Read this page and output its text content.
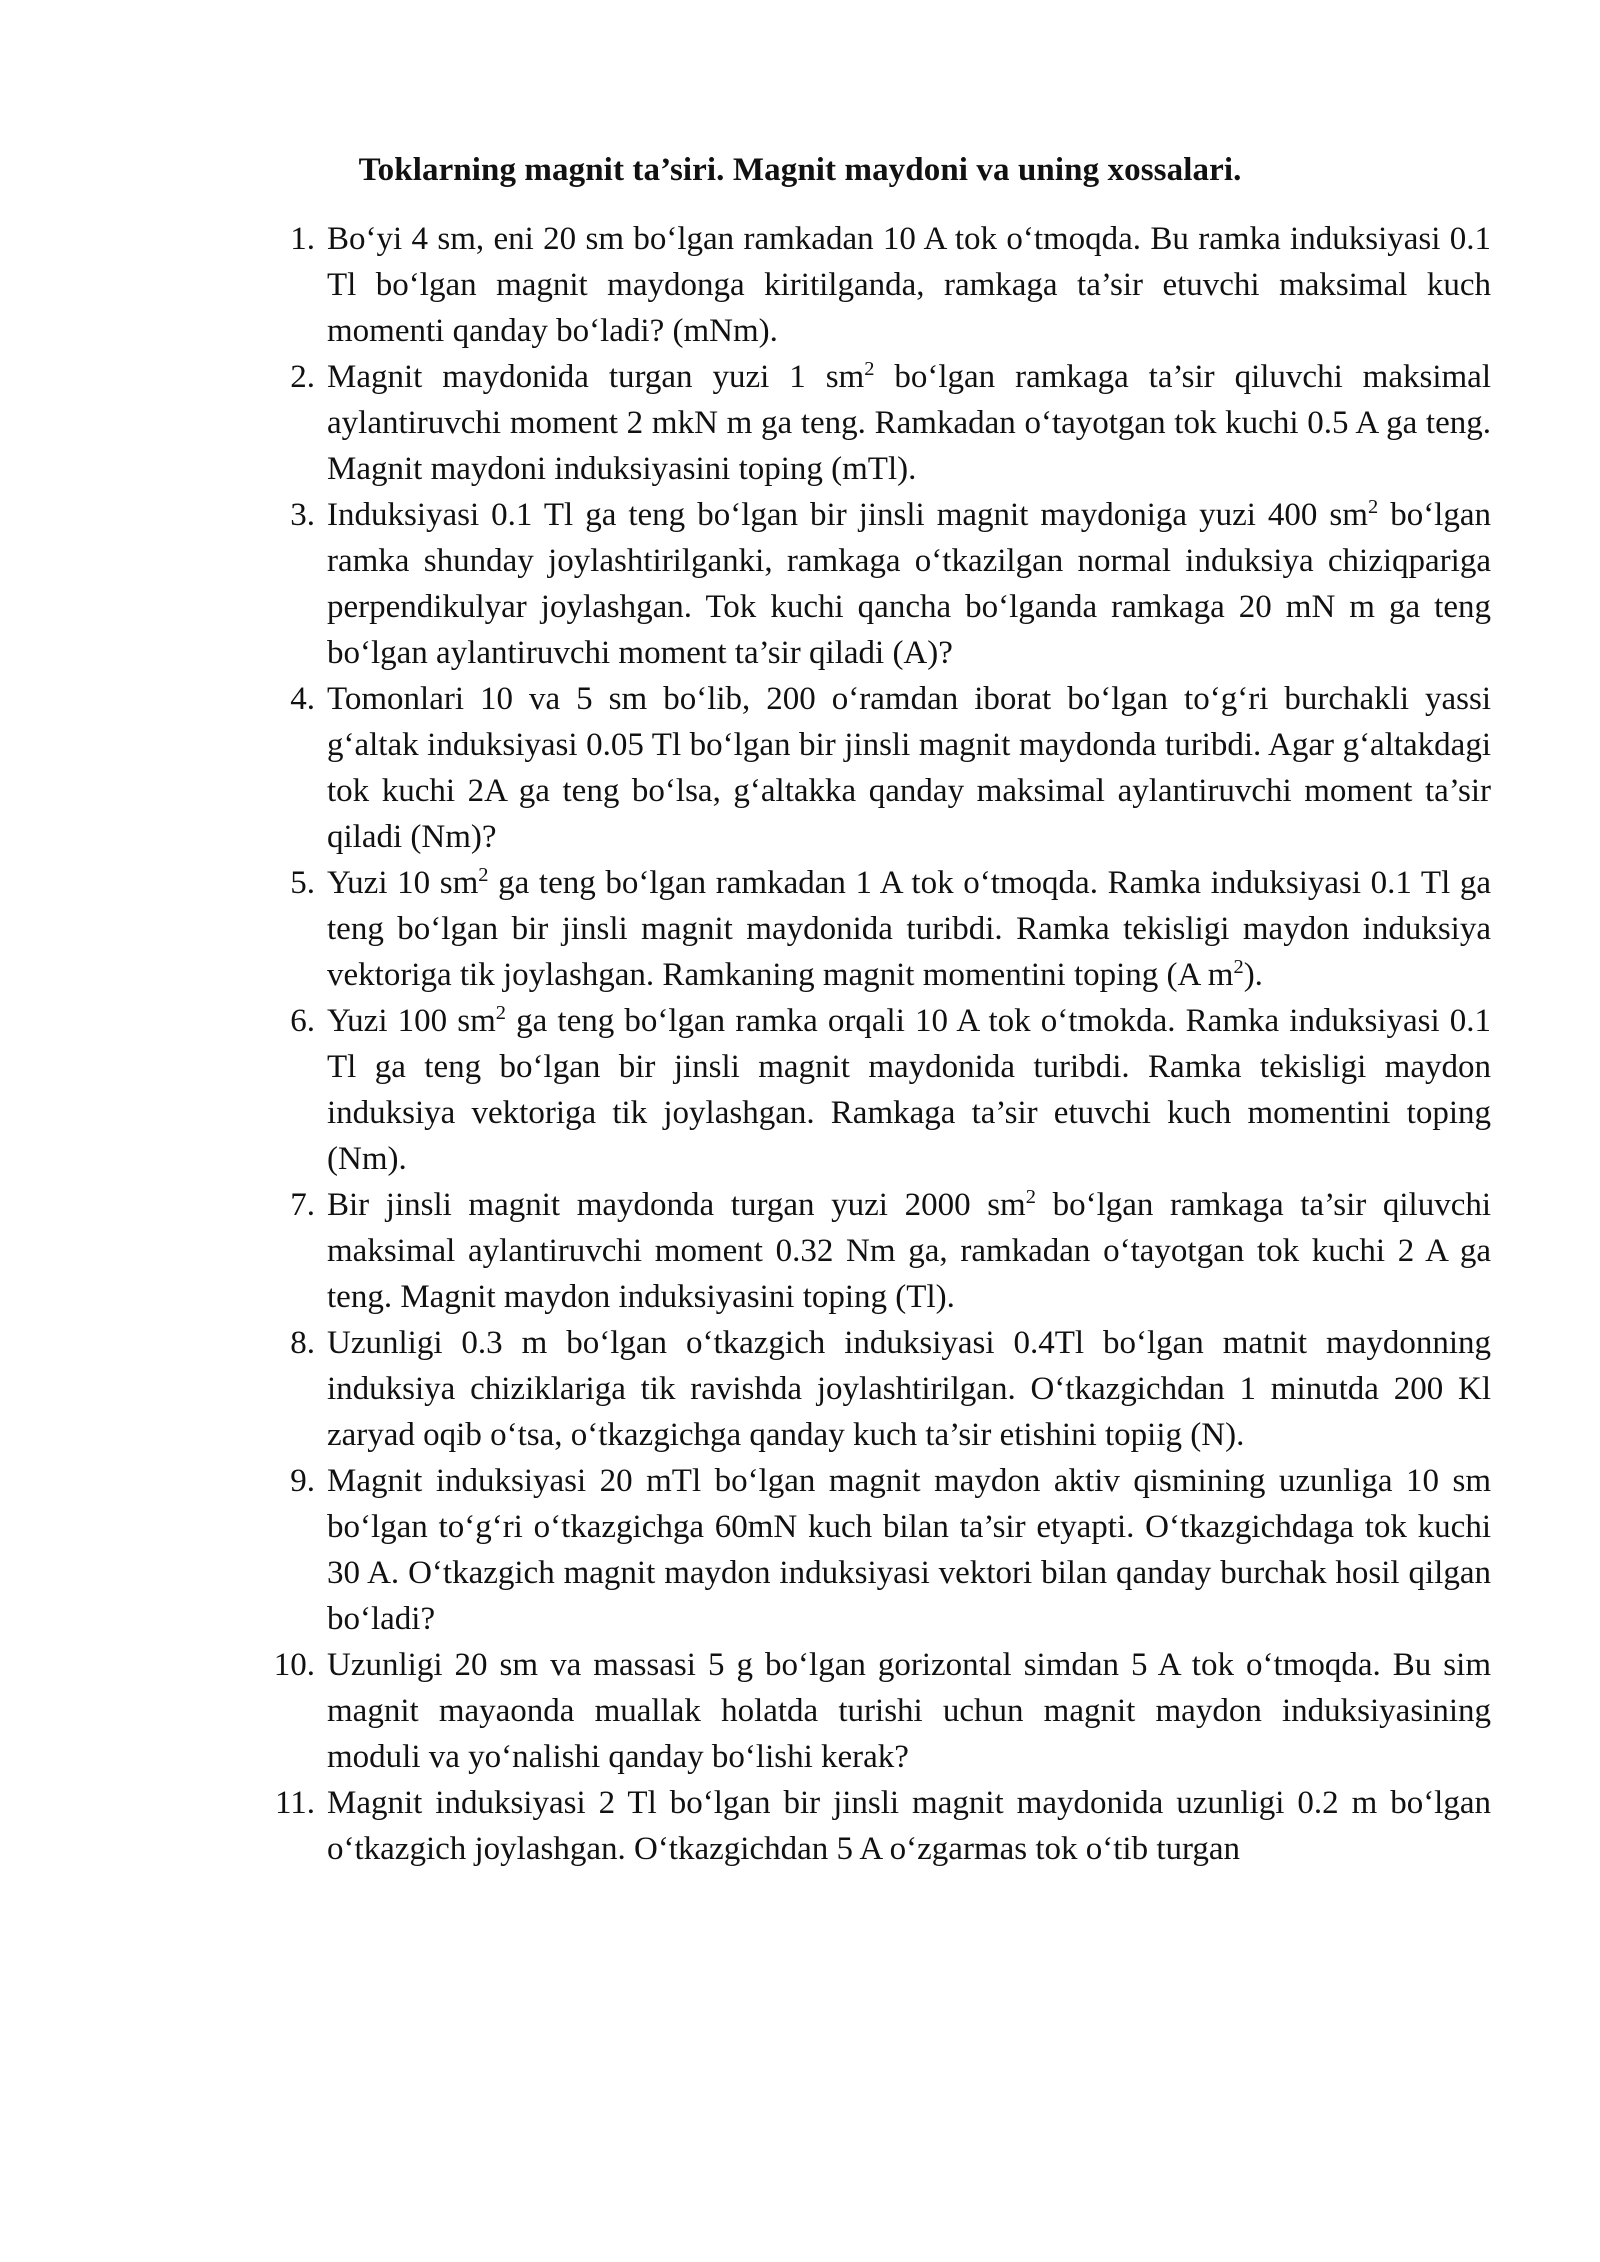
Toklarning magnit ta’siri. Magnit maydoni va uning xossalari.
1. Bo‘yi 4 sm, eni 20 sm bo‘lgan ramkadan 10 A tok o‘tmoqda. Bu ramka induksiyasi 0.1 Tl bo‘lgan magnit maydonga kiritilganda, ramkaga ta’sir etuvchi maksimal kuch momenti qanday bo‘ladi? (mNm).
2. Magnit maydonida turgan yuzi 1 $sm^2$ bo‘lgan ramkaga ta’sir qiluvchi maksimal aylantiruvchi moment 2 mkN m ga teng. Ramkadan o‘tayotgan tok kuchi 0.5 A ga teng. Magnit maydoni induksiyasini toping (mTl).
3. Induksiyasi 0.1 Tl ga teng bo‘lgan bir jinsli magnit maydoniga yuzi 400 $sm^2$ bo‘lgan ramka shunday joylashtirilganki, ramkaga o‘tkazilgan normal induksiya chiziqpariga perpendikulyar joylashgan. Tok kuchi qancha bo‘lganda ramkaga 20 mN m ga teng bo‘lgan aylantiruvchi moment ta’sir qiladi (A)?
4. Tomonlari 10 va 5 sm bo‘lib, 200 o‘ramdan iborat bo‘lgan to‘g‘ri burchakli yassi g‘altak induksiyasi 0.05 Tl bo‘lgan bir jinsli magnit maydonda turibdi. Agar g‘altakdagi tok kuchi 2A ga teng bo‘lsa, g‘altakka qanday maksimal aylantiruvchi moment ta’sir qiladi (Nm)?
5. Yuzi 10 $sm^2$ ga teng bo‘lgan ramkadan 1 A tok o‘tmoqda. Ramka induksiyasi 0.1 Tl ga teng bo‘lgan bir jinsli magnit maydonida turibdi. Ramka tekisligi maydon induksiya vektoriga tik joylashgan. Ramkaning magnit momentini toping (A $m^2$).
6. Yuzi 100 $sm^2$ ga teng bo‘lgan ramka orqali 10 A tok o‘tmokda. Ramka induksiyasi 0.1 Tl ga teng bo‘lgan bir jinsli magnit maydonida turibdi. Ramka tekisligi maydon induksiya vektoriga tik joylashgan. Ramkaga ta’sir etuvchi kuch momentini toping (Nm).
7. Bir jinsli magnit maydonda turgan yuzi 2000 $sm^2$ bo‘lgan ramkaga ta’sir qiluvchi maksimal aylantiruvchi moment 0.32 Nm ga, ramkadan o‘tayotgan tok kuchi 2 A ga teng. Magnit maydon induksiyasini toping (Tl).
8. Uzunligi 0.3 m bo‘lgan o‘tkazgich induksiyasi 0.4Tl bo‘lgan matnit maydonning induksiya chiziklariga tik ravishda joylashtirilgan. O‘tkazgichdan 1 minutda 200 Kl zaryad oqib o‘tsa, o‘tkazgichga qanday kuch ta’sir etishini topiig (N).
9. Magnit induksiyasi 20 mTl bo‘lgan magnit maydon aktiv qismining uzunliga 10 sm bo‘lgan to‘g‘ri o‘tkazgichga 60mN kuch bilan ta’sir etyapti. O‘tkazgichdaga tok kuchi 30 A. O‘tkazgich magnit maydon induksiyasi vektori bilan qanday burchak hosil qilgan bo‘ladi?
10. Uzunligi 20 sm va massasi 5 g bo‘lgan gorizontal simdan 5 A tok o‘tmoqda. Bu sim magnit mayaonda muallak holatda turishi uchun magnit maydon induksiyasining moduli va yo‘nalishi qanday bo‘lishi kerak?
11. Magnit induksiyasi 2 Tl bo‘lgan bir jinsli magnit maydonida uzunligi 0.2 m bo‘lgan o‘tkazgich joylashgan. O‘tkazgichdan 5 A o‘zgarmas tok o‘tib turgan
